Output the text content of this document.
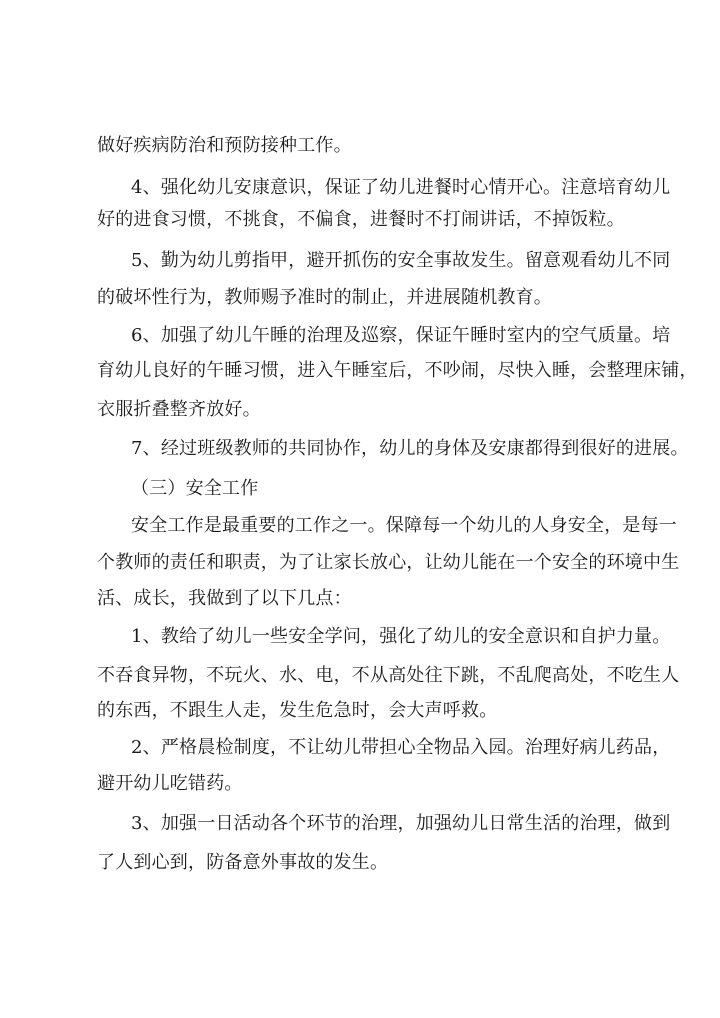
做好疾病防治和预防接种工作。
4、强化幼儿安康意识，保证了幼儿进餐时心情开心。注意培育幼儿
好的进食习惯，不挑食，不偏食，进餐时不打闹讲话，不掉饭粒。
5、勤为幼儿剪指甲，避开抓伤的安全事故发生。留意观看幼儿不同
的破坏性行为，教师赐予准时的制止，并进展随机教育。
6、加强了幼儿午睡的治理及巡察，保证午睡时室内的空气质量。培
育幼儿良好的午睡习惯，进入午睡室后，不吵闹，尽快入睡，会整理床铺，
衣服折叠整齐放好。
7、经过班级教师的共同协作，幼儿的身体及安康都得到很好的进展。
（三）安全工作
安全工作是最重要的工作之一。保障每一个幼儿的人身安全，是每一
个教师的责任和职责，为了让家长放心，让幼儿能在一个安全的环境中生
活、成长，我做到了以下几点：
1、教给了幼儿一些安全学问，强化了幼儿的安全意识和自护力量。
不吞食异物，不玩火、水、电，不从高处往下跳，不乱爬高处，不吃生人
的东西，不跟生人走，发生危急时，会大声呼救。
2、严格晨检制度，不让幼儿带担心全物品入园。治理好病儿药品，
避开幼儿吃错药。
3、加强一日活动各个环节的治理，加强幼儿日常生活的治理，做到
了人到心到，防备意外事故的发生。
